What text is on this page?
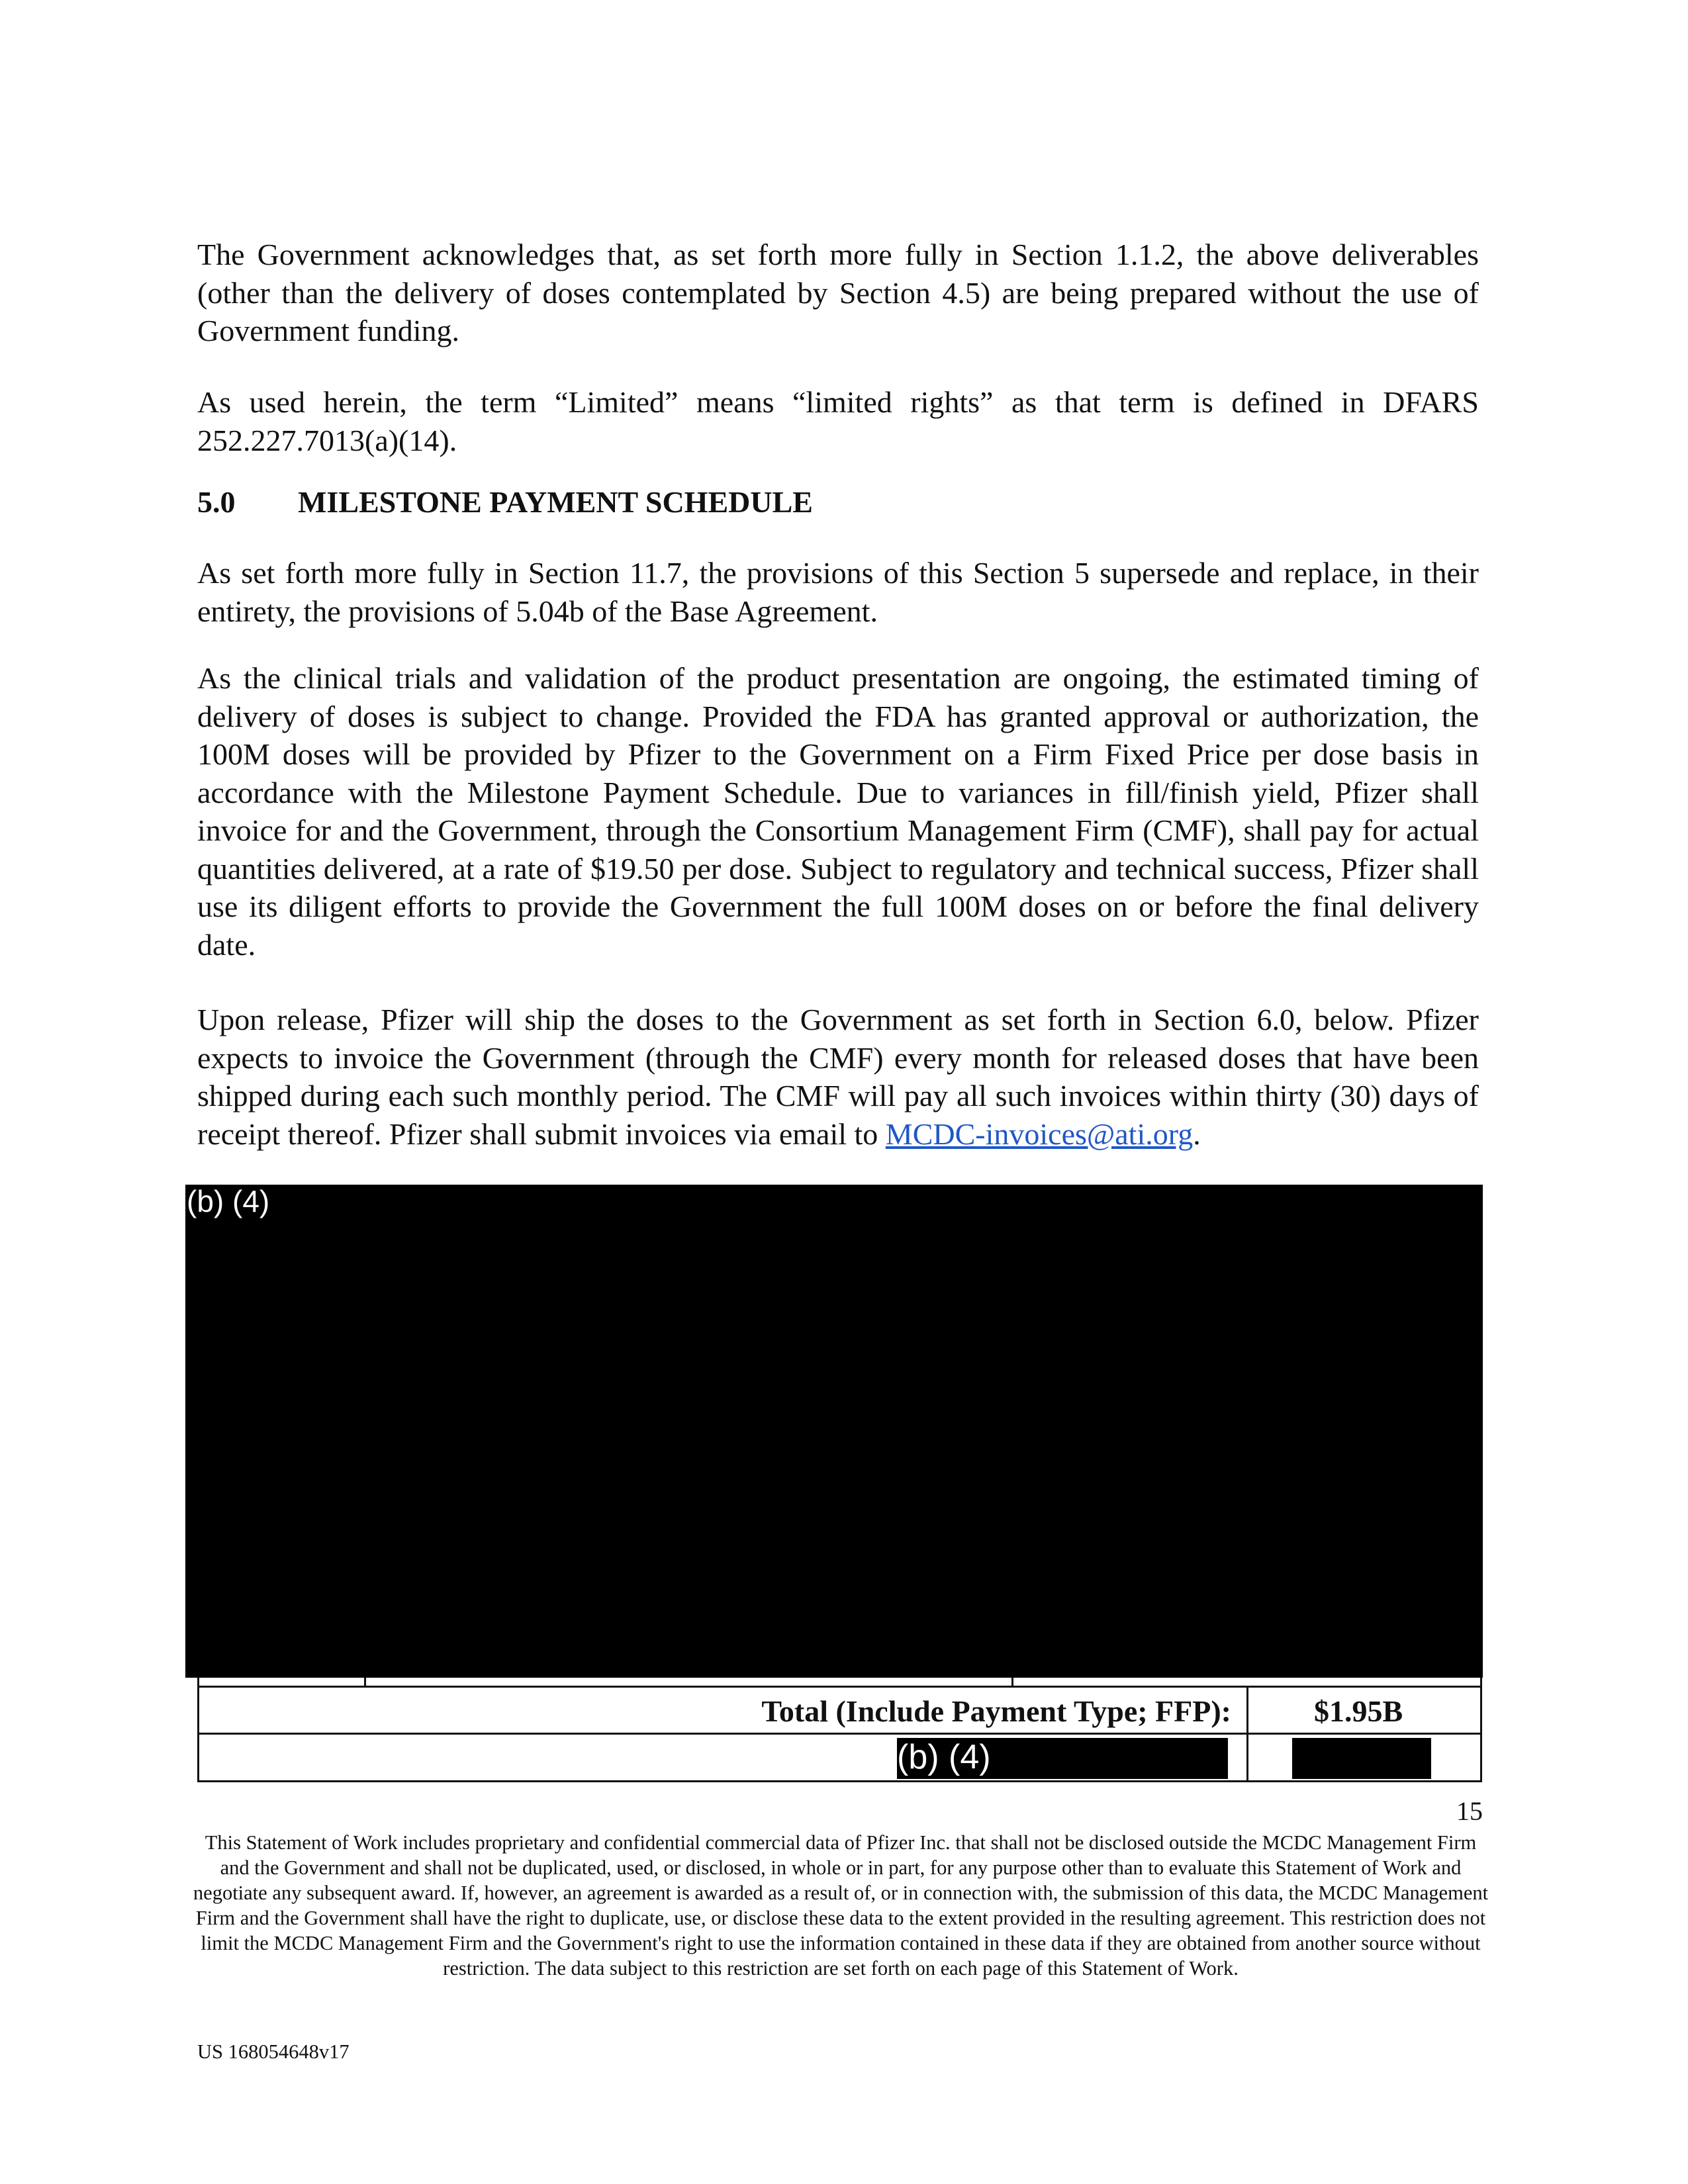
The Government acknowledges that, as set forth more fully in Section 1.1.2, the above deliverables (other than the delivery of doses contemplated by Section 4.5) are being prepared without the use of Government funding.

As used herein, the term “Limited” means “limited rights” as that term is defined in DFARS 252.227.7013(a)(14).

5.0 MILESTONE PAYMENT SCHEDULE

As set forth more fully in Section 11.7, the provisions of this Section 5 supersede and replace, in their entirety, the provisions of 5.04b of the Base Agreement.

As the clinical trials and validation of the product presentation are ongoing, the estimated timing of delivery of doses is subject to change. Provided the FDA has granted approval or authorization, the 100M doses will be provided by Pfizer to the Government on a Firm Fixed Price per dose basis in accordance with the Milestone Payment Schedule. Due to variances in fill/finish yield, Pfizer shall invoice for and the Government, through the Consortium Management Firm (CMF), shall pay for actual quantities delivered, at a rate of $19.50 per dose. Subject to regulatory and technical success, Pfizer shall use its diligent efforts to provide the Government the full 100M doses on or before the final delivery date.

Upon release, Pfizer will ship the doses to the Government as set forth in Section 6.0, below. Pfizer expects to invoice the Government (through the CMF) every month for released doses that have been shipped during each such monthly period. The CMF will pay all such invoices within thirty (30) days of receipt thereof. Pfizer shall submit invoices via email to MCDC-invoices@ati.org.

(b) (4)
Total (Include Payment Type; FFP):	$1.95B
(b) (4)
15

This Statement of Work includes proprietary and confidential commercial data of Pfizer Inc. that shall not be disclosed outside the MCDC Management Firm and the Government and shall not be duplicated, used, or disclosed, in whole or in part, for any purpose other than to evaluate this Statement of Work and negotiate any subsequent award. If, however, an agreement is awarded as a result of, or in connection with, the submission of this data, the MCDC Management Firm and the Government shall have the right to duplicate, use, or disclose these data to the extent provided in the resulting agreement. This restriction does not limit the MCDC Management Firm and the Government's right to use the information contained in these data if they are obtained from another source without restriction. The data subject to this restriction are set forth on each page of this Statement of Work.

US 168054648v17
